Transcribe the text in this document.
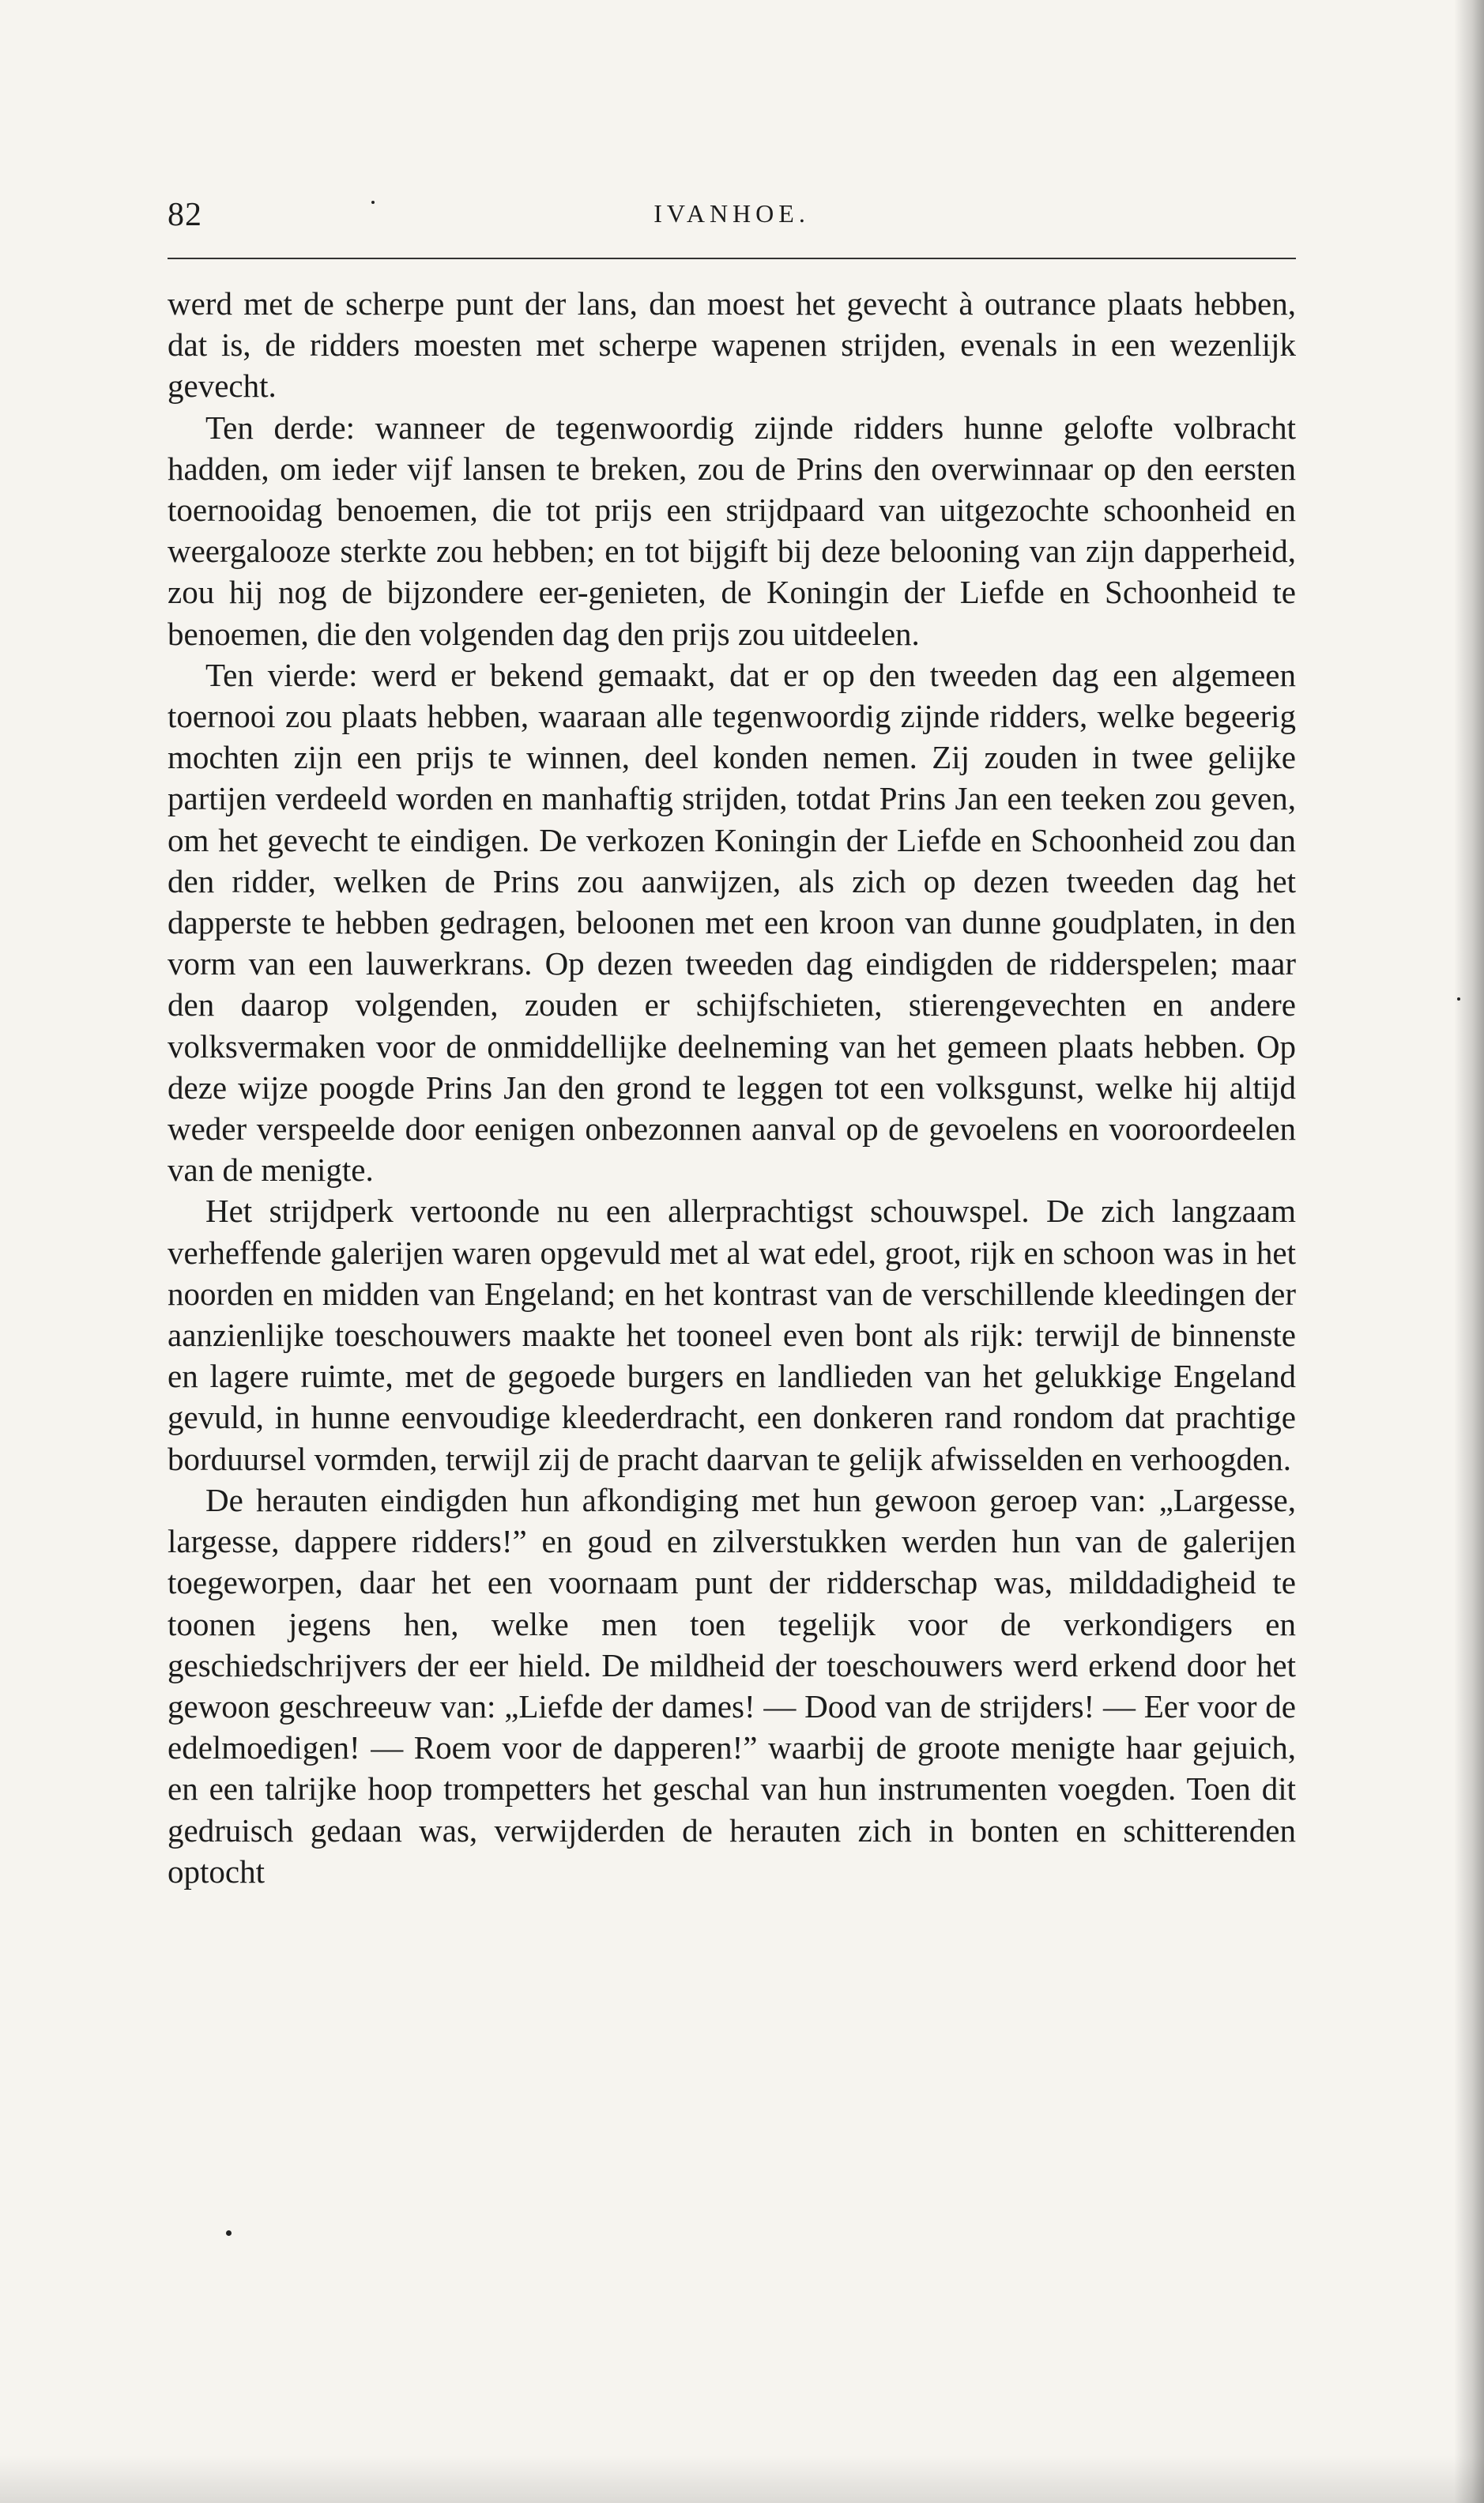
82	IVANHOE.

werd met de scherpe punt der lans, dan moest het gevecht à outrance plaats hebben, dat is, de ridders moesten met scherpe wapenen strijden, evenals in een wezenlijk gevecht.

Ten derde: wanneer de tegenwoordig zijnde ridders hunne gelofte volbracht hadden, om ieder vijf lansen te breken, zou de Prins den overwinnaar op den eersten toernooidag benoemen, die tot prijs een strijdpaard van uitgezochte schoonheid en weergalooze sterkte zou hebben; en tot bijgift bij deze belooning van zijn dapperheid, zou hij nog de bijzondere eer-genieten, de Koningin der Liefde en Schoonheid te benoemen, die den volgenden dag den prijs zou uitdeelen.

Ten vierde: werd er bekend gemaakt, dat er op den tweeden dag een algemeen toernooi zou plaats hebben, waaraan alle tegenwoordig zijnde ridders, welke begeerig mochten zijn een prijs te winnen, deel konden nemen. Zij zouden in twee gelijke partijen verdeeld worden en manhaftig strijden, totdat Prins Jan een teeken zou geven, om het gevecht te eindigen. De verkozen Koningin der Liefde en Schoonheid zou dan den ridder, welken de Prins zou aanwijzen, als zich op dezen tweeden dag het dapperste te hebben gedragen, beloonen met een kroon van dunne goudplaten, in den vorm van een lauwerkrans. Op dezen tweeden dag eindigden de ridderspelen; maar den daarop volgenden, zouden er schijfschieten, stierengevechten en andere volksvermaken voor de onmiddellijke deelneming van het gemeen plaats hebben. Op deze wijze poogde Prins Jan den grond te leggen tot een volksgunst, welke hij altijd weder verspeelde door eenigen onbezonnen aanval op de gevoelens en vooroordeelen van de menigte.

Het strijdperk vertoonde nu een allerprachtigst schouwspel. De zich langzaam verheffende galerijen waren opgevuld met al wat edel, groot, rijk en schoon was in het noorden en midden van Engeland; en het kontrast van de verschillende kleedingen der aanzienlijke toeschouwers maakte het tooneel even bont als rijk: terwijl de binnenste en lagere ruimte, met de gegoede burgers en landlieden van het gelukkige Engeland gevuld, in hunne eenvoudige kleederdracht, een donkeren rand rondom dat prachtige borduursel vormden, terwijl zij de pracht daarvan te gelijk afwisselden en verhoogden.

De herauten eindigden hun afkondiging met hun gewoon geroep van: „Largesse, largesse, dappere ridders!” en goud en zilverstukken werden hun van de galerijen toegeworpen, daar het een voornaam punt der ridderschap was, milddadigheid te toonen jegens hen, welke men toen tegelijk voor de verkondigers en geschiedschrijvers der eer hield. De mildheid der toeschouwers werd erkend door het gewoon geschreeuw van: „Liefde der dames! — Dood van de strijders! — Eer voor de edelmoedigen! — Roem voor de dapperen!” waarbij de groote menigte haar gejuich, en een talrijke hoop trompetters het geschal van hun instrumenten voegden. Toen dit gedruisch gedaan was, verwijderden de herauten zich in bonten en schitterenden optocht
